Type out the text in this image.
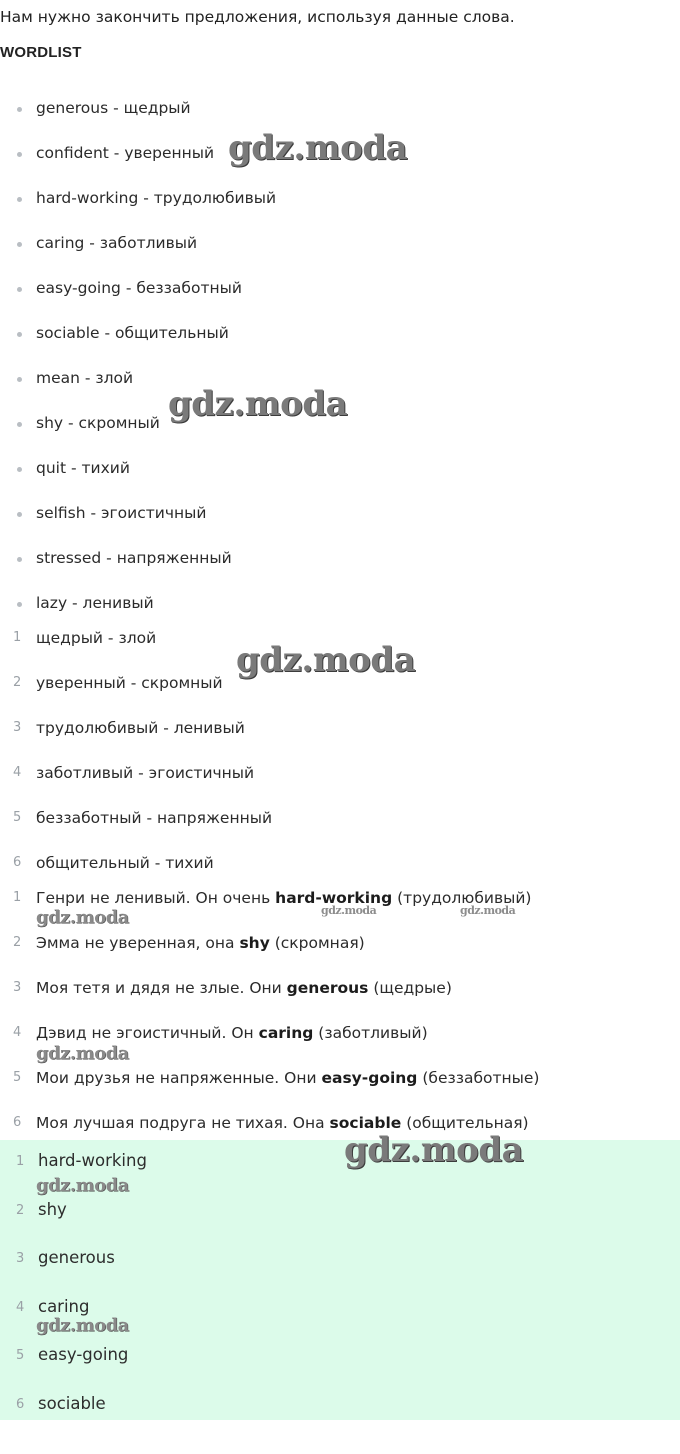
Нам нужно закончить предложения, используя данные слова.
WORDLIST
generous - щедрый
confident - уверенный
hard-working - трудолюбивый
caring - заботливый
easy-going - беззаботный
sociable - общительный
mean - злой
shy - скромный
quit - тихий
selfish - эгоистичный
stressed - напряженный
lazy - ленивый
1 щедрый - злой
2 уверенный - скромный
3 трудолюбивый - ленивый
4 заботливый - эгоистичный
5 беззаботный - напряженный
6 общительный - тихий
1 Генри не ленивый. Он очень hard-working (трудолюбивый)
2 Эмма не уверенная, она shy (скромная)
3 Моя тетя и дядя не злые. Они generous (щедрые)
4 Дэвид не эгоистичный. Он caring (заботливый)
5 Мои друзья не напряженные. Они easy-going (беззаботные)
6 Моя лучшая подруга не тихая. Она sociable (общительная)
1 hard-working
2 shy
3 generous
4 caring
5 easy-going
6 sociable
gdz.moda
gdz.moda
gdz.moda
gdz.moda	gdz.moda	gdz.moda
gdz.moda
gdz.moda
gdz.moda
gdz.moda
